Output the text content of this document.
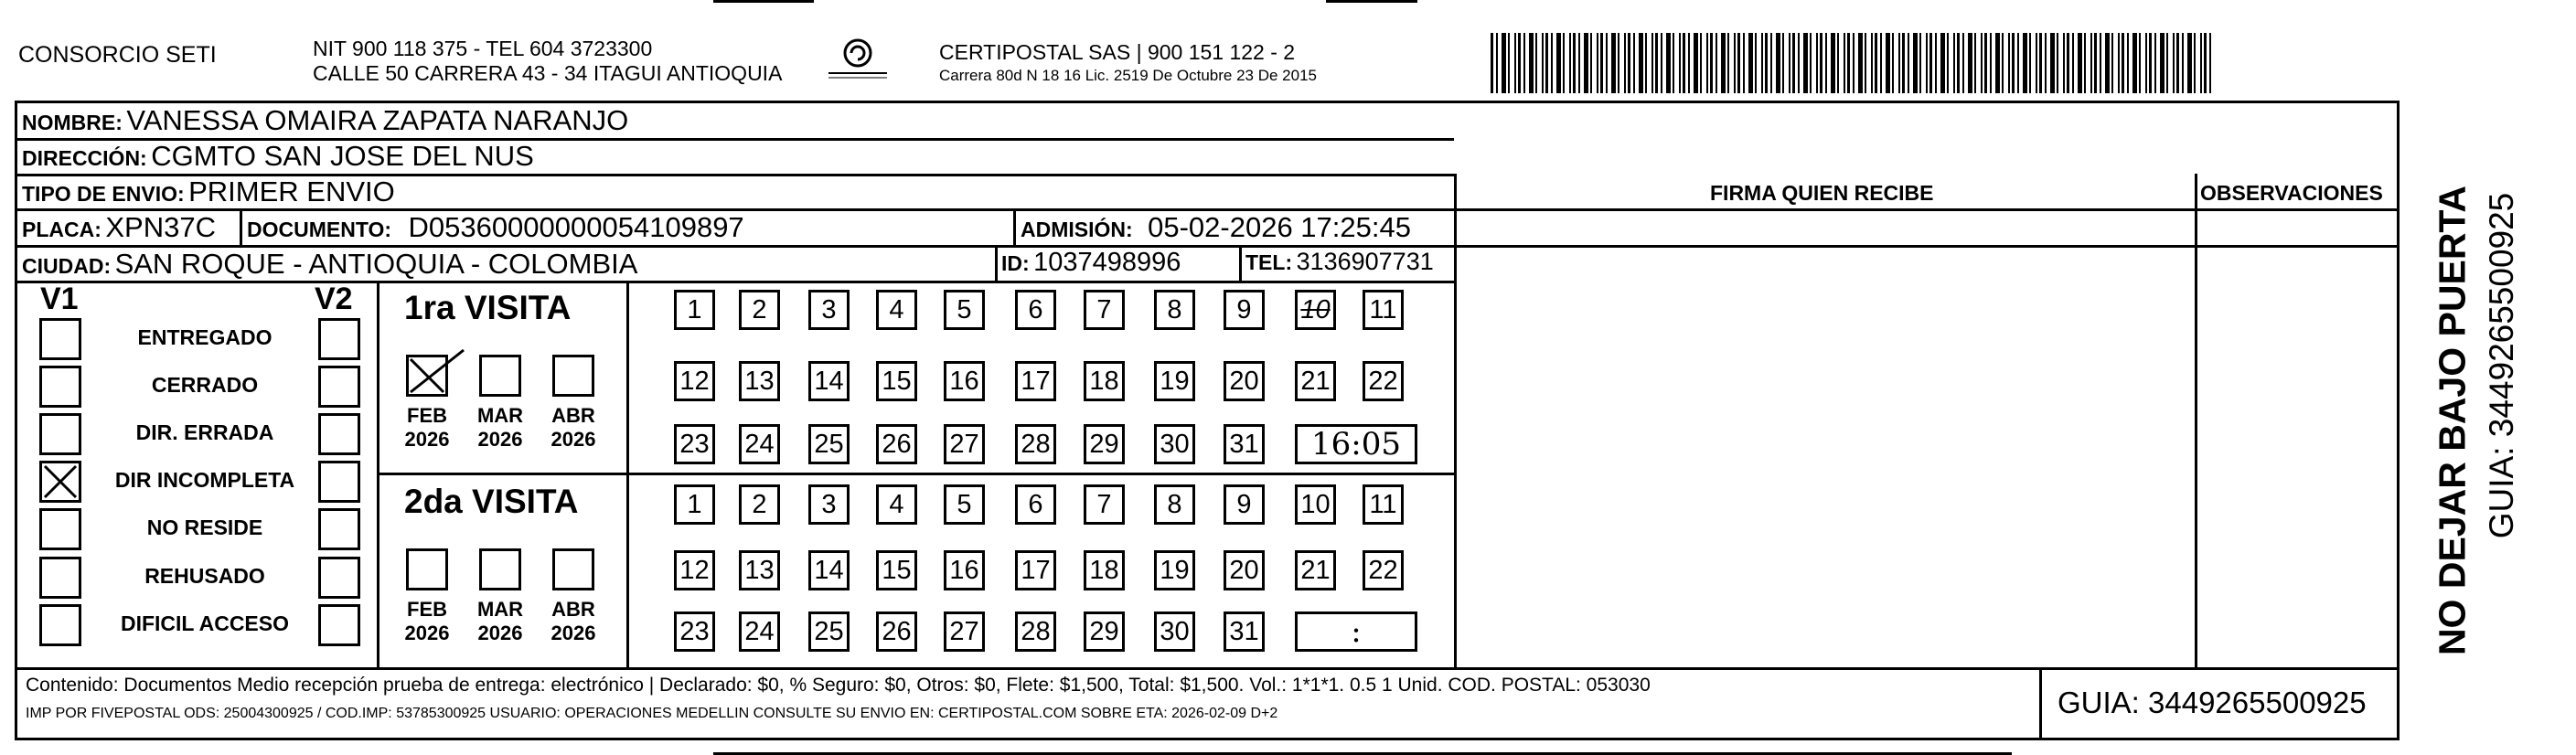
CONSORCIO SETI	NIT 900 118 375 - TEL 604 3723300
CALLE 50 CARRERA 43 - 34 ITAGUI ANTIOQUIA
CERTIPOSTAL SAS | 900 151 122 - 2
Carrera 80d N 18 16 Lic. 2519 De Octubre 23 De 2015
NOMBRE: VANESSA OMAIRA ZAPATA NARANJO
DIRECCIÓN: CGMTO SAN JOSE DEL NUS
TIPO DE ENVIO: PRIMER ENVIO	FIRMA QUIEN RECIBE	OBSERVACIONES
PLACA: XPN37C DOCUMENTO: D05360000000054109897	ADMISIÓN: 05-02-2026 17:25:45
CIUDAD: SAN ROQUE - ANTIOQUIA - COLOMBIA	ID: 1037498996	TEL: 3136907731
V1	V2
ENTREGADO
CERRADO
DIR. ERRADA
DIR INCOMPLETA
NO RESIDE
REHUSADO
DIFICIL ACCESO
1ra VISITA
2da VISITA
FEB
2026
MAR
2026
ABR
2026
FEB
2026
MAR
2026
ABR
2026
1	2	3	4	5	6	7	8	9	10 11
12 13 14 15 16 17 18 19 20 21 22
23 24 25 26 27 28 29 30 31	16:05
1	2	3	4	5	6	7	8	9	10 11
12 13 14 15 16 17 18 19 20 21 22
23 24 25 26 27 28 29 30 31	:
Contenido: Documentos Medio recepción prueba de entrega: electrónico | Declarado: $0, % Seguro: $0, Otros: $0, Flete: $1,500, Total: $1,500. Vol.: 1*1*1. 0.5 1 Unid. COD. POSTAL: 053030
IMP POR FIVEPOSTAL ODS: 25004300925 / COD.IMP: 53785300925 USUARIO: OPERACIONES MEDELLIN CONSULTE SU ENVIO EN: CERTIPOSTAL.COM SOBRE ETA: 2026-02-09 D+2	GUIA: 3449265500925
NO DEJAR BAJO PUERTA GUIA: 3449265500925
